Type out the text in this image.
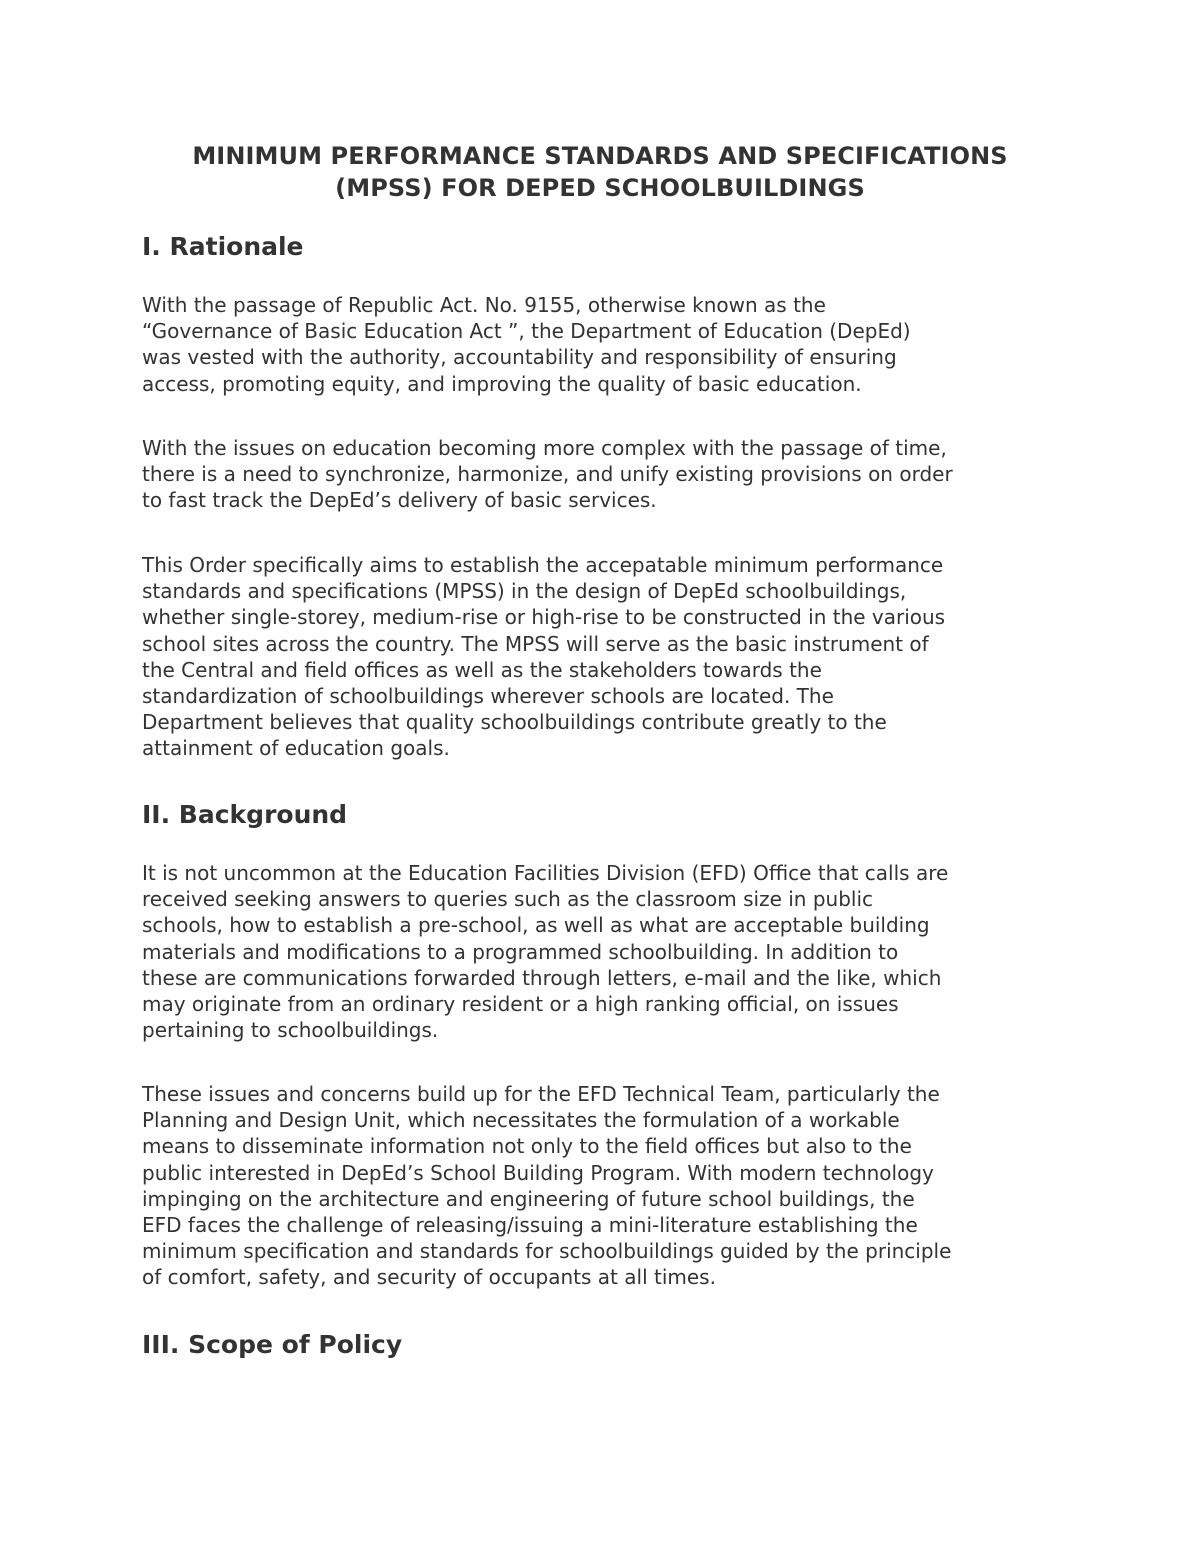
MINIMUM PERFORMANCE STANDARDS AND SPECIFICATIONS
(MPSS) FOR DEPED SCHOOLBUILDINGS
I. Rationale

With the passage of Republic Act. No. 9155, otherwise known as the
“Governance of Basic Education Act ”, the Department of Education (DepEd)
was vested with the authority, accountability and responsibility of ensuring
access, promoting equity, and improving the quality of basic education.

With the issues on education becoming more complex with the passage of time,
there is a need to synchronize, harmonize, and unify existing provisions on order
to fast track the DepEd’s delivery of basic services.

This Order specifically aims to establish the accepatable minimum performance
standards and specifications (MPSS) in the design of DepEd schoolbuildings,
whether single-storey, medium-rise or high-rise to be constructed in the various
school sites across the country. The MPSS will serve as the basic instrument of
the Central and field offices as well as the stakeholders towards the
standardization of schoolbuildings wherever schools are located. The
Department believes that quality schoolbuildings contribute greatly to the
attainment of education goals.

II. Background

It is not uncommon at the Education Facilities Division (EFD) Office that calls are
received seeking answers to queries such as the classroom size in public
schools, how to establish a pre-school, as well as what are acceptable building
materials and modifications to a programmed schoolbuilding. In addition to
these are communications forwarded through letters, e-mail and the like, which
may originate from an ordinary resident or a high ranking official, on issues
pertaining to schoolbuildings.

These issues and concerns build up for the EFD Technical Team, particularly the
Planning and Design Unit, which necessitates the formulation of a workable
means to disseminate information not only to the field offices but also to the
public interested in DepEd’s School Building Program. With modern technology
impinging on the architecture and engineering of future school buildings, the
EFD faces the challenge of releasing/issuing a mini-literature establishing the
minimum specification and standards for schoolbuildings guided by the principle
of comfort, safety, and security of occupants at all times.

III. Scope of Policy
